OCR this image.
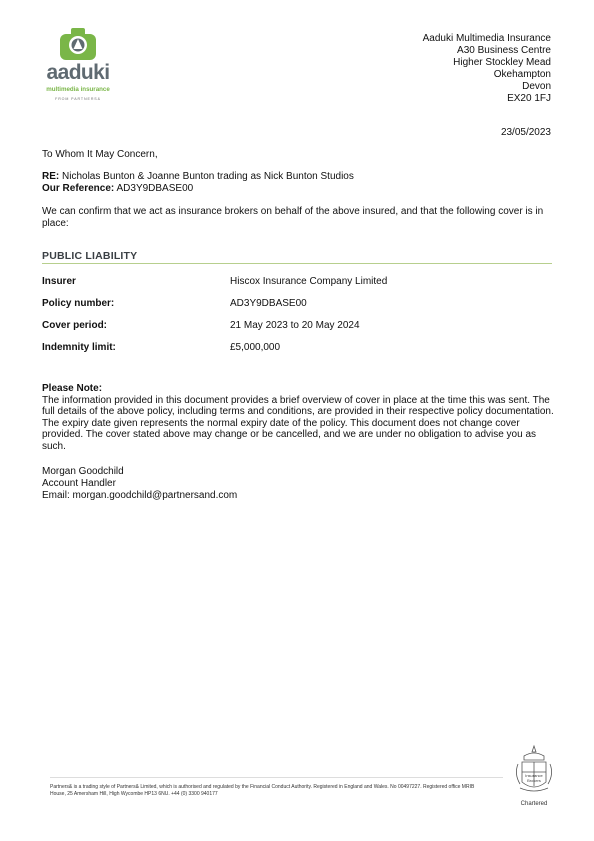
aaduki
multimedia insurance
FROM PARTNERS&
Aaduki Multimedia Insurance
A30 Business Centre
Higher Stockley Mead
Okehampton
Devon
EX20 1FJ
23/05/2023
To Whom It May Concern,
RE: Nicholas Bunton & Joanne Bunton trading as Nick Bunton Studios
Our Reference: AD3Y9DBASE00
We can confirm that we act as insurance brokers on behalf of the above insured, and that the following cover is in place:
PUBLIC LIABILITY
Insurer	Hiscox Insurance Company Limited
Policy number:	AD3Y9DBASE00
Cover period:	21 May 2023 to 20 May 2024
Indemnity limit:	£5,000,000
Please Note:
The information provided in this document provides a brief overview of cover in place at the time this was sent. The full details of the above policy, including terms and conditions, are provided in their respective policy documentation. The expiry date given represents the normal expiry date of the policy. This document does not change cover provided. The cover stated above may change or be cancelled, and we are under no obligation to advise you as such.
Morgan Goodchild
Account Handler
Email: morgan.goodchild@partnersand.com
Partners& is a trading style of Partners& Limited, which is authorised and regulated by the Financial Conduct Authority. Registered in England and Wales. No 00497227. Registered office MRIB House, 25 Amersham Hill, High Wycombe HP13 6NU. +44 (0) 3300 940177
Insurance
Brokers
Chartered
